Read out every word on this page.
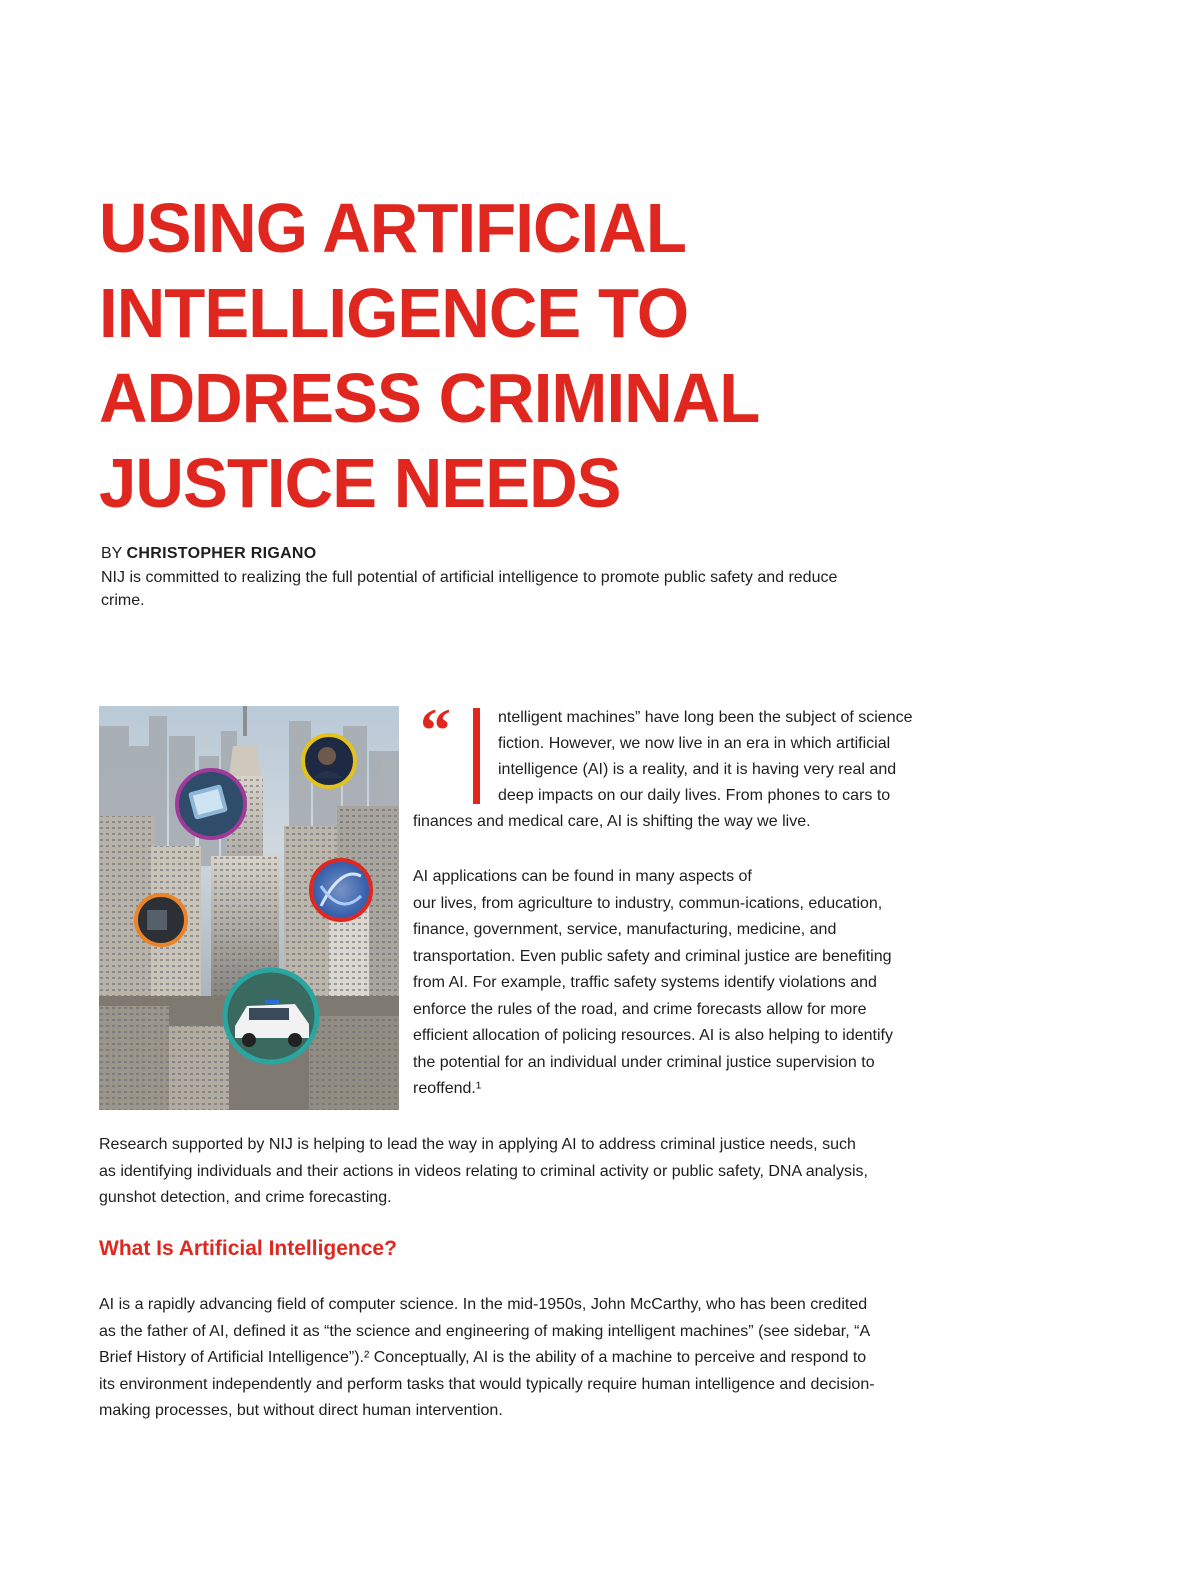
USING ARTIFICIAL
INTELLIGENCE TO
ADDRESS CRIMINAL
JUSTICE NEEDS

BY CHRISTOPHER RIGANO

NIJ is committed to realizing the full potential of artificial intelligence to promote public safety and reduce crime.

“	ntelligent machines” have long been the subject of science
fiction. However, we now live in an era in which artificial
intelligence (AI) is a reality, and it is having very real and
deep impacts on our daily lives. From phones to cars to
finances and medical care, AI is shifting the way we live.

AI applications can be found in many aspects of
our lives, from agriculture to industry, commun-ications, education,
finance, government, service, manufacturing, medicine, and
transportation. Even public safety and criminal justice are benefiting
from AI. For example, traffic safety systems identify violations and
enforce the rules of the road, and crime forecasts allow for more
efficient allocation of policing resources. AI is also helping to identify
the potential for an individual under criminal justice supervision to
reoffend.¹

Research supported by NIJ is helping to lead the way in applying AI to address criminal justice needs, such
as identifying individuals and their actions in videos relating to criminal activity or public safety, DNA analysis,
gunshot detection, and crime forecasting.

What Is Artificial Intelligence?

AI is a rapidly advancing field of computer science. In the mid-1950s, John McCarthy, who has been credited
as the father of AI, defined it as “the science and engineering of making intelligent machines” (see sidebar, “A
Brief History of Artificial Intelligence”).² Conceptually, AI is the ability of a machine to perceive and respond to
its environment independently and perform tasks that would typically require human intelligence and decision-
making processes, but without direct human intervention.
